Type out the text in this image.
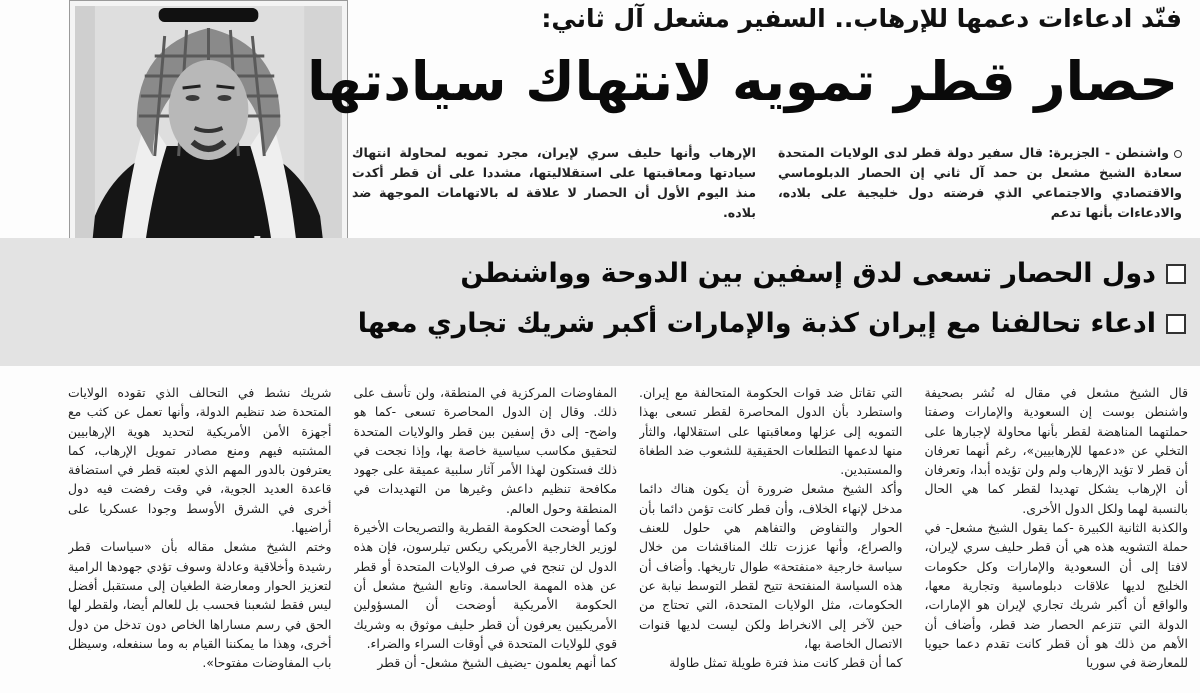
فنّد ادعاءات دعمها للإرهاب.. السفير مشعل آل ثاني:
حصار قطر تمويه لانتهاك سيادتها
واشنطن - الجزيرة: قال سفير دولة قطر لدى الولايات المتحدة سعادة الشيخ مشعل بن حمد آل ثاني إن الحصار الدبلوماسي والاقتصادي والاجتماعي الذي فرضته دول خليجية على بلاده، والادعاءات بأنها تدعم
الإرهاب وأنها حليف سري لإيران، مجرد تمويه لمحاولة انتهاك سيادتها ومعاقبتها على استقلاليتها، مشددا على أن قطر أكدت منذ اليوم الأول أن الحصار لا علاقة له بالاتهامات الموجهة ضد بلاده.
دول الحصار تسعى لدق إسفين بين الدوحة وواشنطن
ادعاء تحالفنا مع إيران كذبة والإمارات أكبر شريك تجاري معها

قال الشيخ مشعل في مقال له نُشر بصحيفة واشنطن بوست إن السعودية والإمارات وصفتا حملتهما المناهضة لقطر بأنها محاولة لإجبارها على التخلي عن «دعمها للإرهابيين»، رغم أنهما تعرفان أن قطر لا تؤيد الإرهاب ولم ولن تؤيده أبدا، وتعرفان أن الإرهاب يشكل تهديدا لقطر كما هي الحال بالنسبة لهما ولكل الدول الأخرى.

والكذبة الثانية الكبيرة -كما يقول الشيخ مشعل- في حملة التشويه هذه هي أن قطر حليف سري لإيران، لافتا إلى أن السعودية والإمارات وكل حكومات الخليج لديها علاقات دبلوماسية وتجارية معها، والواقع أن أكبر شريك تجاري لإيران هو الإمارات، الدولة التي تتزعم الحصار ضد قطر، وأضاف أن الأهم من ذلك هو أن قطر كانت تقدم دعما حيويا للمعارضة في سوريا

التي تقاتل ضد قوات الحكومة المتحالفة مع إيران. واستطرد بأن الدول المحاصرة لقطر تسعى بهذا التمويه إلى عزلها ومعاقبتها على استقلالها، والثأر منها لدعمها التطلعات الحقيقية للشعوب ضد الطغاة والمستبدين.

وأكد الشيخ مشعل ضرورة أن يكون هناك دائما مدخل لإنهاء الخلاف، وأن قطر كانت تؤمن دائما بأن الحوار والتفاوض والتفاهم هي حلول للعنف والصراع، وأنها عززت تلك المناقشات من خلال سياسة خارجية «منفتحة» طوال تاريخها. وأضاف أن هذه السياسة المنفتحة تتيح لقطر التوسط نيابة عن الحكومات، مثل الولايات المتحدة، التي تحتاج من حين لآخر إلى الانخراط ولكن ليست لديها قنوات الاتصال الخاصة بها،

كما أن قطر كانت منذ فترة طويلة تمثل طاولة

المفاوضات المركزية في المنطقة، ولن تأسف على ذلك. وقال إن الدول المحاصرة تسعى -كما هو واضح- إلى دق إسفين بين قطر والولايات المتحدة لتحقيق مكاسب سياسية خاصة بها، وإذا نجحت في ذلك فستكون لهذا الأمر آثار سلبية عميقة على جهود مكافحة تنظيم داعش وغيرها من التهديدات في المنطقة وحول العالم.

وكما أوضحت الحكومة القطرية والتصريحات الأخيرة لوزير الخارجية الأمريكي ريكس تيلرسون، فإن هذه الدول لن تنجح في صرف الولايات المتحدة أو قطر عن هذه المهمة الحاسمة. وتابع الشيخ مشعل أن الحكومة الأمريكية أوضحت أن المسؤولين الأمريكيين يعرفون أن قطر حليف موثوق به وشريك قوي للولايات المتحدة في أوقات السراء والضراء.

كما أنهم يعلمون -يضيف الشيخ مشعل- أن قطر

شريك نشط في التحالف الذي تقوده الولايات المتحدة ضد تنظيم الدولة، وأنها تعمل عن كثب مع أجهزة الأمن الأمريكية لتحديد هوية الإرهابيين المشتبه فيهم ومنع مصادر تمويل الإرهاب، كما يعترفون بالدور المهم الذي لعبته قطر في استضافة قاعدة العديد الجوية، في وقت رفضت فيه دول أخرى في الشرق الأوسط وجودا عسكريا على أراضيها.

وختم الشيخ مشعل مقاله بأن «سياسات قطر رشيدة وأخلاقية وعادلة وسوف تؤدي جهودها الرامية لتعزيز الحوار ومعارضة الطغيان إلى مستقبل أفضل ليس فقط لشعبنا فحسب بل للعالم أيضا، ولقطر لها الحق في رسم مساراها الخاص دون تدخل من دول أخرى، وهذا ما يمكننا القيام به وما سنفعله، وسيظل باب المفاوضات مفتوحا».
